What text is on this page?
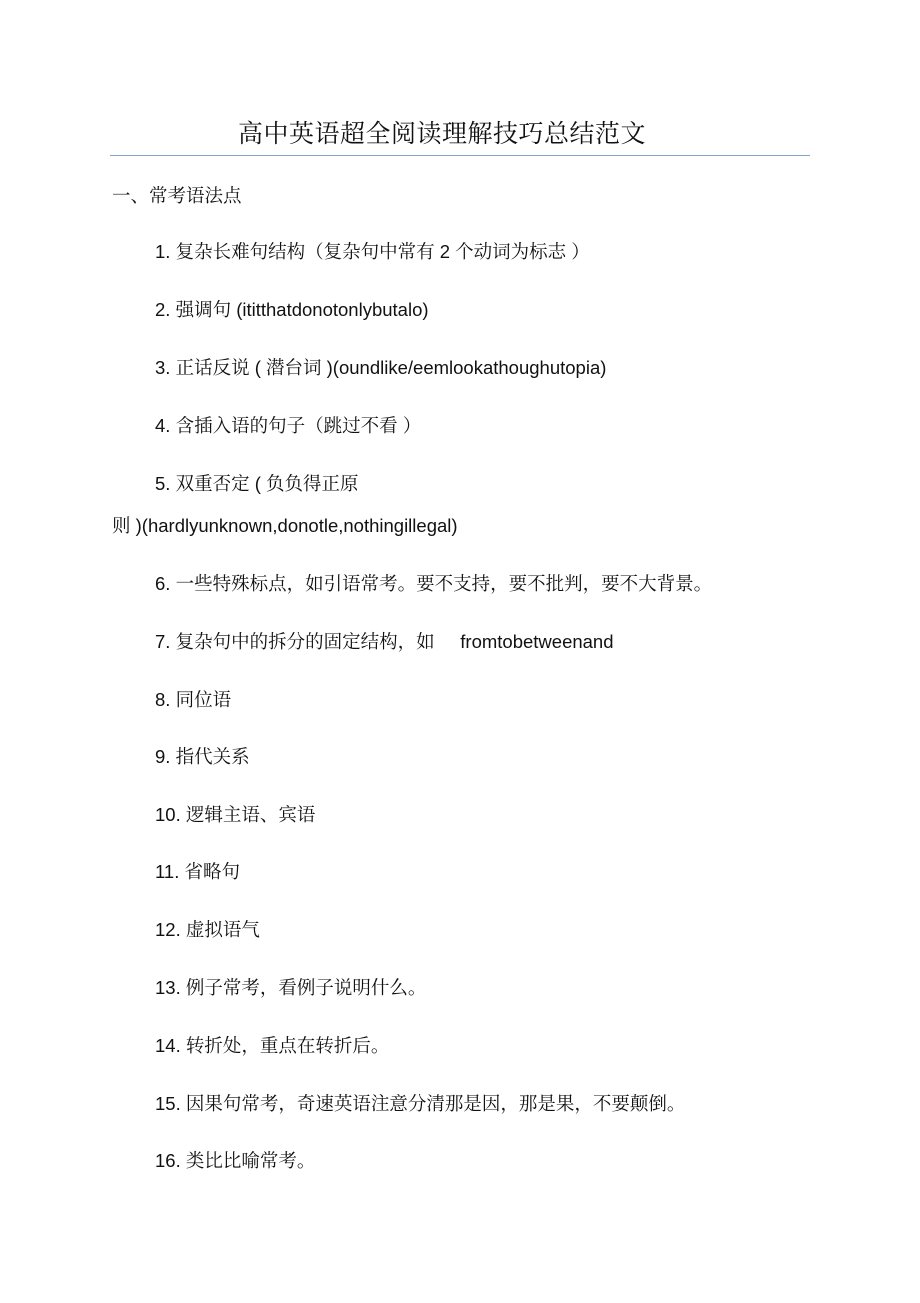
高中英语超全阅读理解技巧总结范文
一、常考语法点
1. 复杂长难句结构（复杂句中常有 2 个动词为标志 ）
2. 强调句 (ititthatdonotonlybutalo)
3. 正话反说 ( 潜台词 )(oundlike/eemlookathoughutopia)
4. 含插入语的句子（跳过不看 ）
5. 双重否定 ( 负负得正原
则 )(hardlyunknown,donotle,nothingillegal)
6. 一些特殊标点，如引语常考。要不支持，要不批判，要不大背景。
7. 复杂句中的拆分的固定结构，如     fromtobetweenand
8. 同位语
9. 指代关系
10. 逻辑主语、宾语
11. 省略句
12. 虚拟语气
13. 例子常考，看例子说明什么。
14. 转折处，重点在转折后。
15. 因果句常考，奇速英语注意分清那是因，那是果，不要颠倒。
16. 类比比喻常考。
